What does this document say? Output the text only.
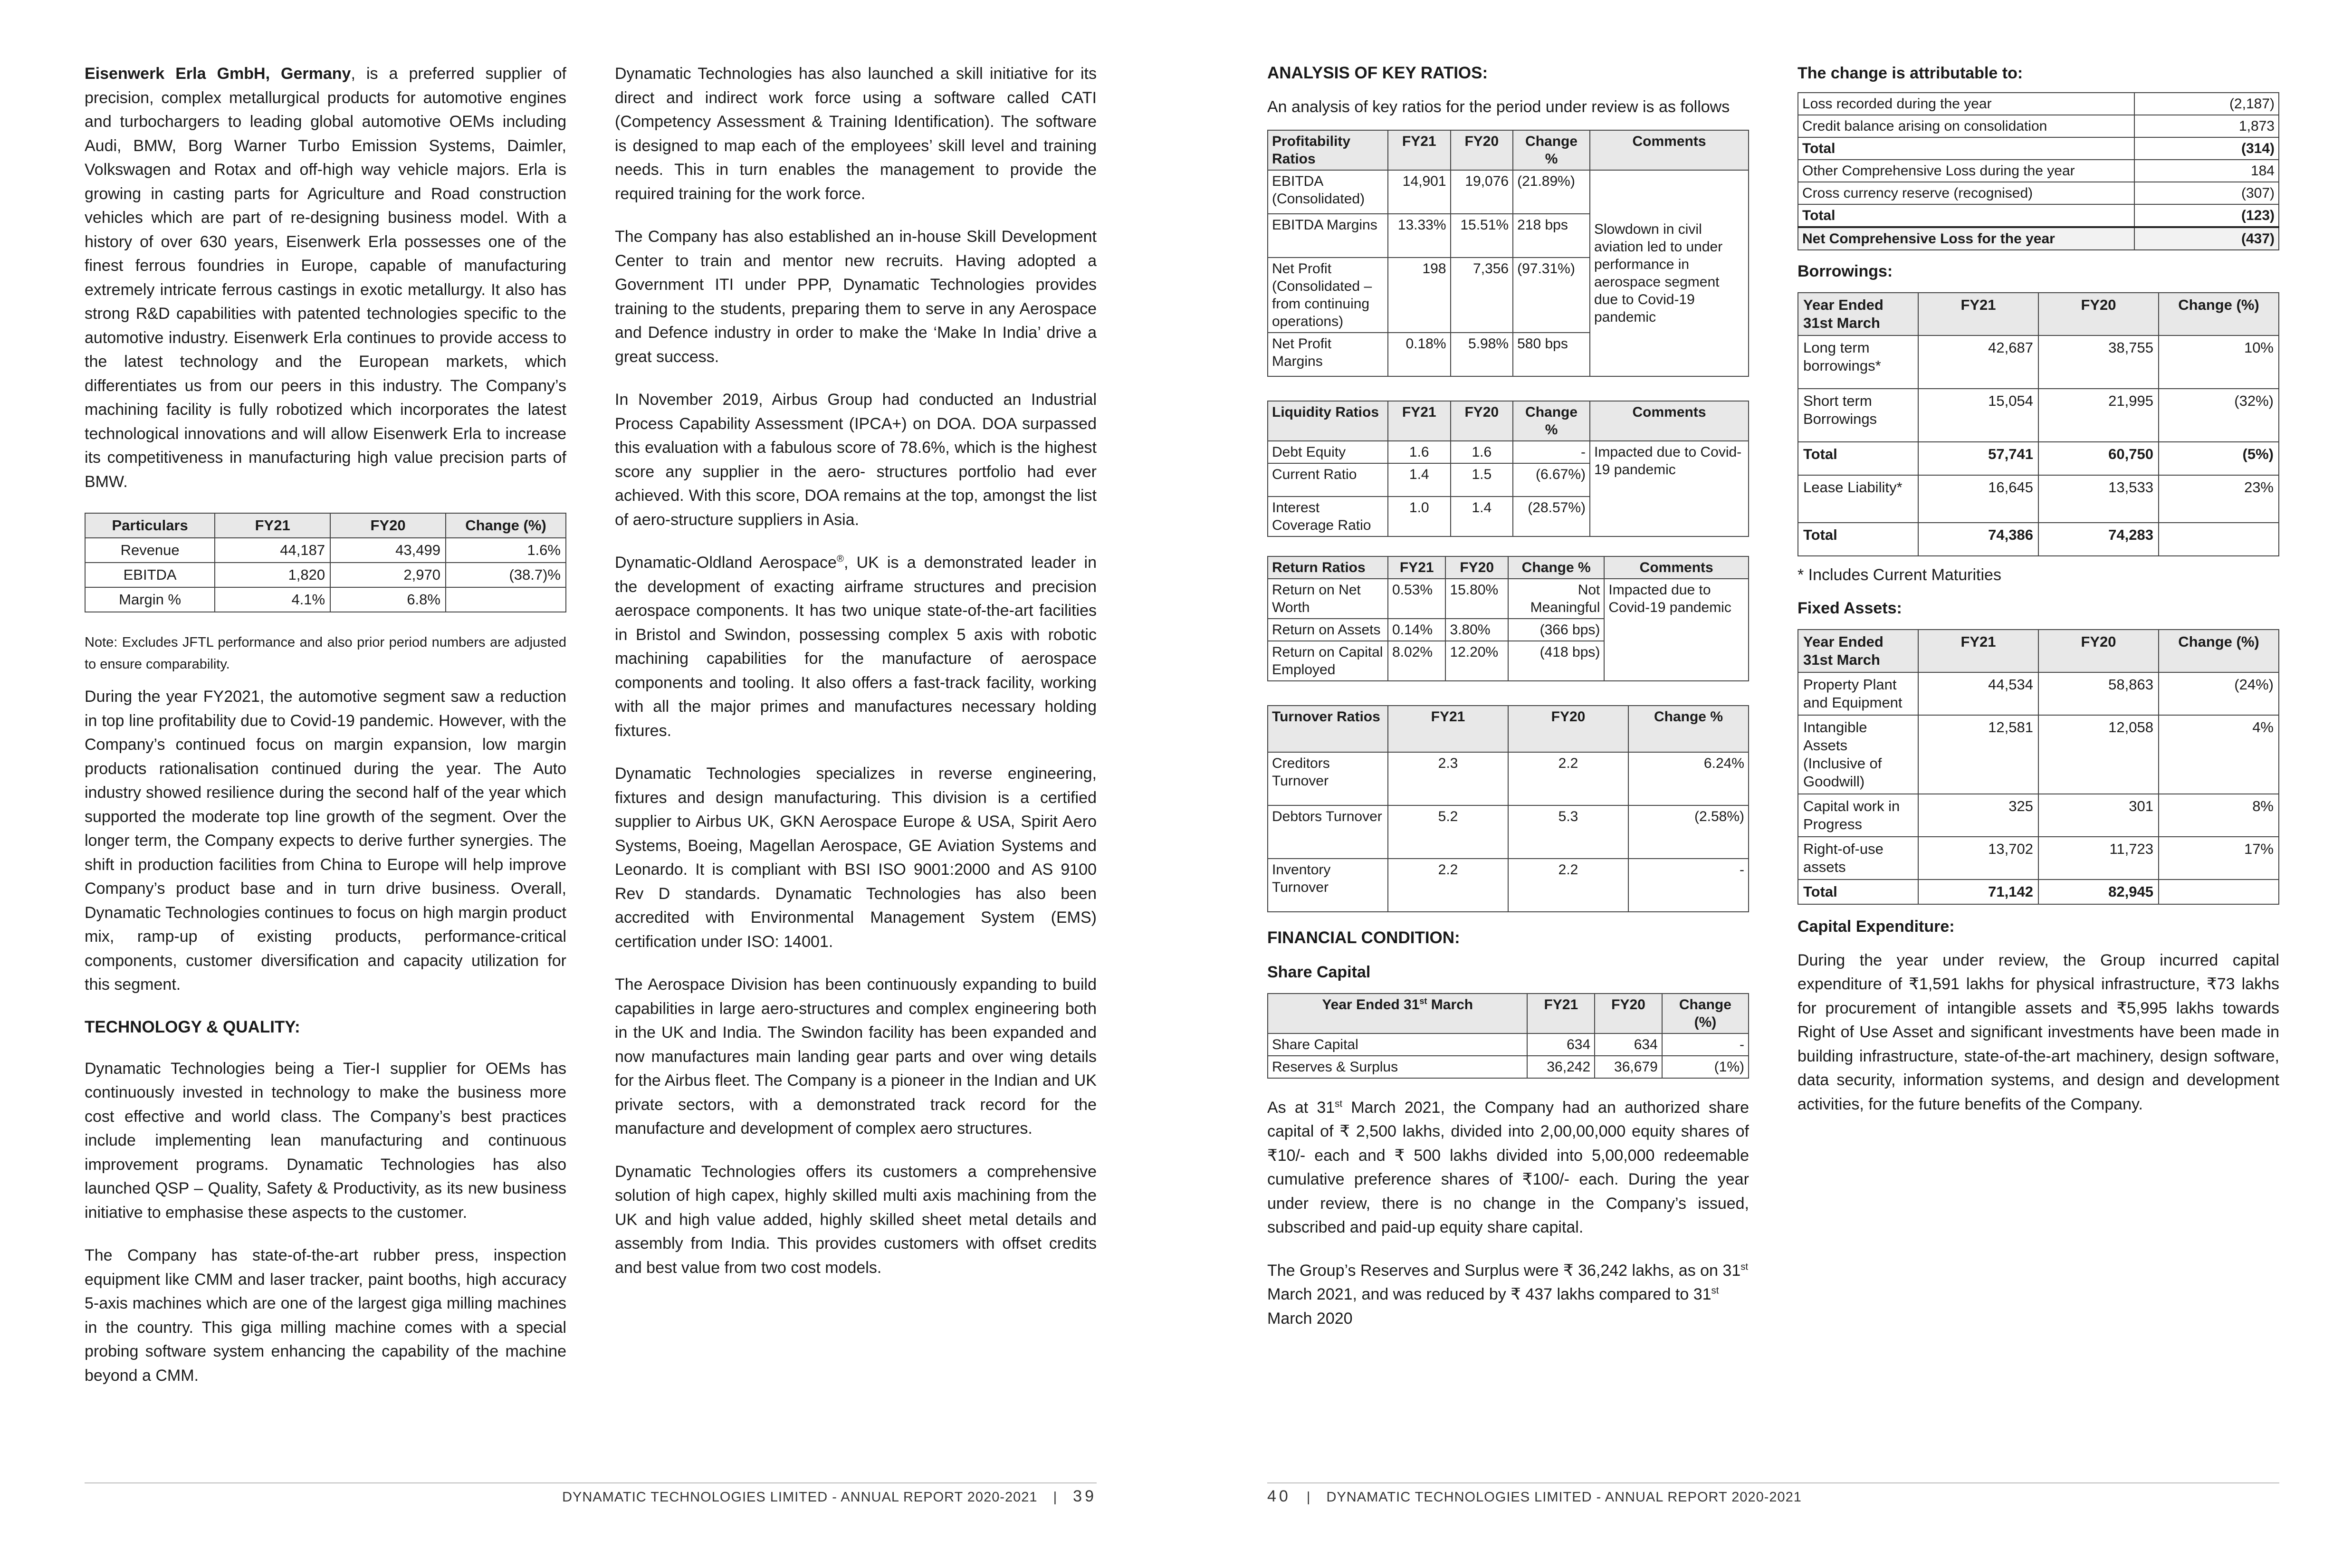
Eisenwerk Erla GmbH, Germany, is a preferred supplier of precision, complex metallurgical products for automotive engines and turbochargers to leading global automotive OEMs including Audi, BMW, Borg Warner Turbo Emission Systems, Daimler, Volkswagen and Rotax and off-high way vehicle majors. Erla is growing in casting parts for Agriculture and Road construction vehicles which are part of re-designing business model. With a history of over 630 years, Eisenwerk Erla possesses one of the finest ferrous foundries in Europe, capable of manufacturing extremely intricate ferrous castings in exotic metallurgy. It also has strong R&D capabilities with patented technologies specific to the automotive industry. Eisenwerk Erla continues to provide access to the latest technology and the European markets, which differentiates us from our peers in this industry. The Company’s machining facility is fully robotized which incorporates the latest technological innovations and will allow Eisenwerk Erla to increase its competitiveness in manufacturing high value precision parts of BMW.

Particulars	FY21	FY20	Change (%)
Revenue	44,187	43,499	1.6%
EBITDA	1,820	2,970	(38.7)%
Margin %	4.1%	6.8%	

Note: Excludes JFTL performance and also prior period numbers are adjusted to ensure comparability.

During the year FY2021, the automotive segment saw a reduction in top line profitability due to Covid-19 pandemic. However, with the Company’s continued focus on margin expansion, low margin products rationalisation continued during the year. The Auto industry showed resilience during the second half of the year which supported the moderate top line growth of the segment. Over the longer term, the Company expects to derive further synergies. The shift in production facilities from China to Europe will help improve Company’s product base and in turn drive business. Overall, Dynamatic Technologies continues to focus on high margin product mix, ramp-up of existing products, performance-critical components, customer diversification and capacity utilization for this segment.

TECHNOLOGY & QUALITY:

Dynamatic Technologies being a Tier-I supplier for OEMs has continuously invested in technology to make the business more cost effective and world class. The Company’s best practices include implementing lean manufacturing and continuous improvement programs. Dynamatic Technologies has also launched QSP – Quality, Safety & Productivity, as its new business initiative to emphasise these aspects to the customer.

The Company has state-of-the-art rubber press, inspection equipment like CMM and laser tracker, paint booths, high accuracy 5-axis machines which are one of the largest giga milling machines in the country. This giga milling machine comes with a special probing software system enhancing the capability of the machine beyond a CMM.

Dynamatic Technologies has also launched a skill initiative for its direct and indirect work force using a software called CATI (Competency Assessment & Training Identification). The software is designed to map each of the employees’ skill level and training needs. This in turn enables the management to provide the required training for the work force.

The Company has also established an in-house Skill Development Center to train and mentor new recruits. Having adopted a Government ITI under PPP, Dynamatic Technologies provides training to the students, preparing them to serve in any Aerospace and Defence industry in order to make the ‘Make In India’ drive a great success.

In November 2019, Airbus Group had conducted an Industrial Process Capability Assessment (IPCA+) on DOA. DOA surpassed this evaluation with a fabulous score of 78.6%, which is the highest score any supplier in the aero- structures portfolio had ever achieved. With this score, DOA remains at the top, amongst the list of aero-structure suppliers in Asia.

Dynamatic-Oldland Aerospace®, UK is a demonstrated leader in the development of exacting airframe structures and precision aerospace components. It has two unique state-of-the-art facilities in Bristol and Swindon, possessing complex 5 axis with robotic machining capabilities for the manufacture of aerospace components and tooling. It also offers a fast-track facility, working with all the major primes and manufactures necessary holding fixtures.

Dynamatic Technologies specializes in reverse engineering, fixtures and design manufacturing. This division is a certified supplier to Airbus UK, GKN Aerospace Europe & USA, Spirit Aero Systems, Boeing, Magellan Aerospace, GE Aviation Systems and Leonardo. It is compliant with BSI ISO 9001:2000 and AS 9100 Rev D standards. Dynamatic Technologies has also been accredited with Environmental Management System (EMS) certification under ISO: 14001.

The Aerospace Division has been continuously expanding to build capabilities in large aero-structures and complex engineering both in the UK and India. The Swindon facility has been expanded and now manufactures main landing gear parts and over wing details for the Airbus fleet. The Company is a pioneer in the Indian and UK private sectors, with a demonstrated track record for the manufacture and development of complex aero structures.

Dynamatic Technologies offers its customers a comprehensive solution of high capex, highly skilled multi axis machining from the UK and high value added, highly skilled sheet metal details and assembly from India. This provides customers with offset credits and best value from two cost models.

DYNAMATIC TECHNOLOGIES LIMITED - ANNUAL REPORT 2020-2021 | 39
ANALYSIS OF KEY RATIOS:

An analysis of key ratios for the period under review is as follows

Profitability Ratios	FY21	FY20	Change %	Comments
EBITDA (Consolidated)	14,901	19,076	(21.89%)	Slowdown in civil aviation led to under performance in aerospace segment due to Covid-19 pandemic
EBITDA Margins	13.33%	15.51%	218 bps	
Net Profit (Consolidated – from continuing operations)	198	7,356	(97.31%)	
Net Profit Margins	0.18%	5.98%	580 bps	
Liquidity Ratios	FY21	FY20	Change %	Comments
Debt Equity	1.6	1.6	-	Impacted due to Covid-19 pandemic
Current Ratio	1.4	1.5	(6.67%)	
Interest Coverage Ratio	1.0	1.4	(28.57%)	
Return Ratios	FY21	FY20	Change %	Comments
Return on Net Worth	0.53%	15.80%	Not Meaningful	Impacted due to Covid-19 pandemic
Return on Assets	0.14%	3.80%	(366 bps)	
Return on Capital Employed	8.02%	12.20%	(418 bps)	
Turnover Ratios	FY21	FY20	Change %
Creditors Turnover	2.3	2.2	6.24%
Debtors Turnover	5.2	5.3	(2.58%)
Inventory Turnover	2.2	2.2	-
FINANCIAL CONDITION:
Share Capital
Year Ended 31st March	FY21	FY20	Change (%)
Share Capital	634	634	-
Reserves & Surplus	36,242	36,679	(1%)

As at 31st March 2021, the Company had an authorized share capital of ₹ 2,500 lakhs, divided into 2,00,00,000 equity shares of ₹10/- each and ₹ 500 lakhs divided into 5,00,000 redeemable cumulative preference shares of ₹100/- each. During the year under review, there is no change in the Company’s issued, subscribed and paid-up equity share capital.

The Group’s Reserves and Surplus were ₹ 36,242 lakhs, as on 31st March 2021, and was reduced by ₹ 437 lakhs compared to 31st March 2020

The change is attributable to:
Loss recorded during the year	(2,187)
Credit balance arising on consolidation	1,873
Total	(314)
Other Comprehensive Loss during the year	184
Cross currency reserve (recognised)	(307)
Total	(123)
Net Comprehensive Loss for the year	(437)
Borrowings:
Year Ended 31st March	FY21	FY20	Change (%)
Long term borrowings*	42,687	38,755	10%
Short term Borrowings	15,054	21,995	(32%)
Total	57,741	60,750	(5%)
Lease Liability*	16,645	13,533	23%
Total	74,386	74,283	

* Includes Current Maturities

Fixed Assets:
Year Ended 31st March	FY21	FY20	Change (%)
Property Plant and Equipment	44,534	58,863	(24%)
Intangible Assets (Inclusive of Goodwill)	12,581	12,058	4%
Capital work in Progress	325	301	8%
Right-of-use assets	13,702	11,723	17%
Total	71,142	82,945	
Capital Expenditure:

During the year under review, the Group incurred capital expenditure of ₹1,591 lakhs for physical infrastructure, ₹73 lakhs for procurement of intangible assets and ₹5,995 lakhs towards Right of Use Asset and significant investments have been made in building infrastructure, state-of-the-art machinery, design software, data security, information systems, and design and development activities, for the future benefits of the Company.

40 | DYNAMATIC TECHNOLOGIES LIMITED - ANNUAL REPORT 2020-2021
